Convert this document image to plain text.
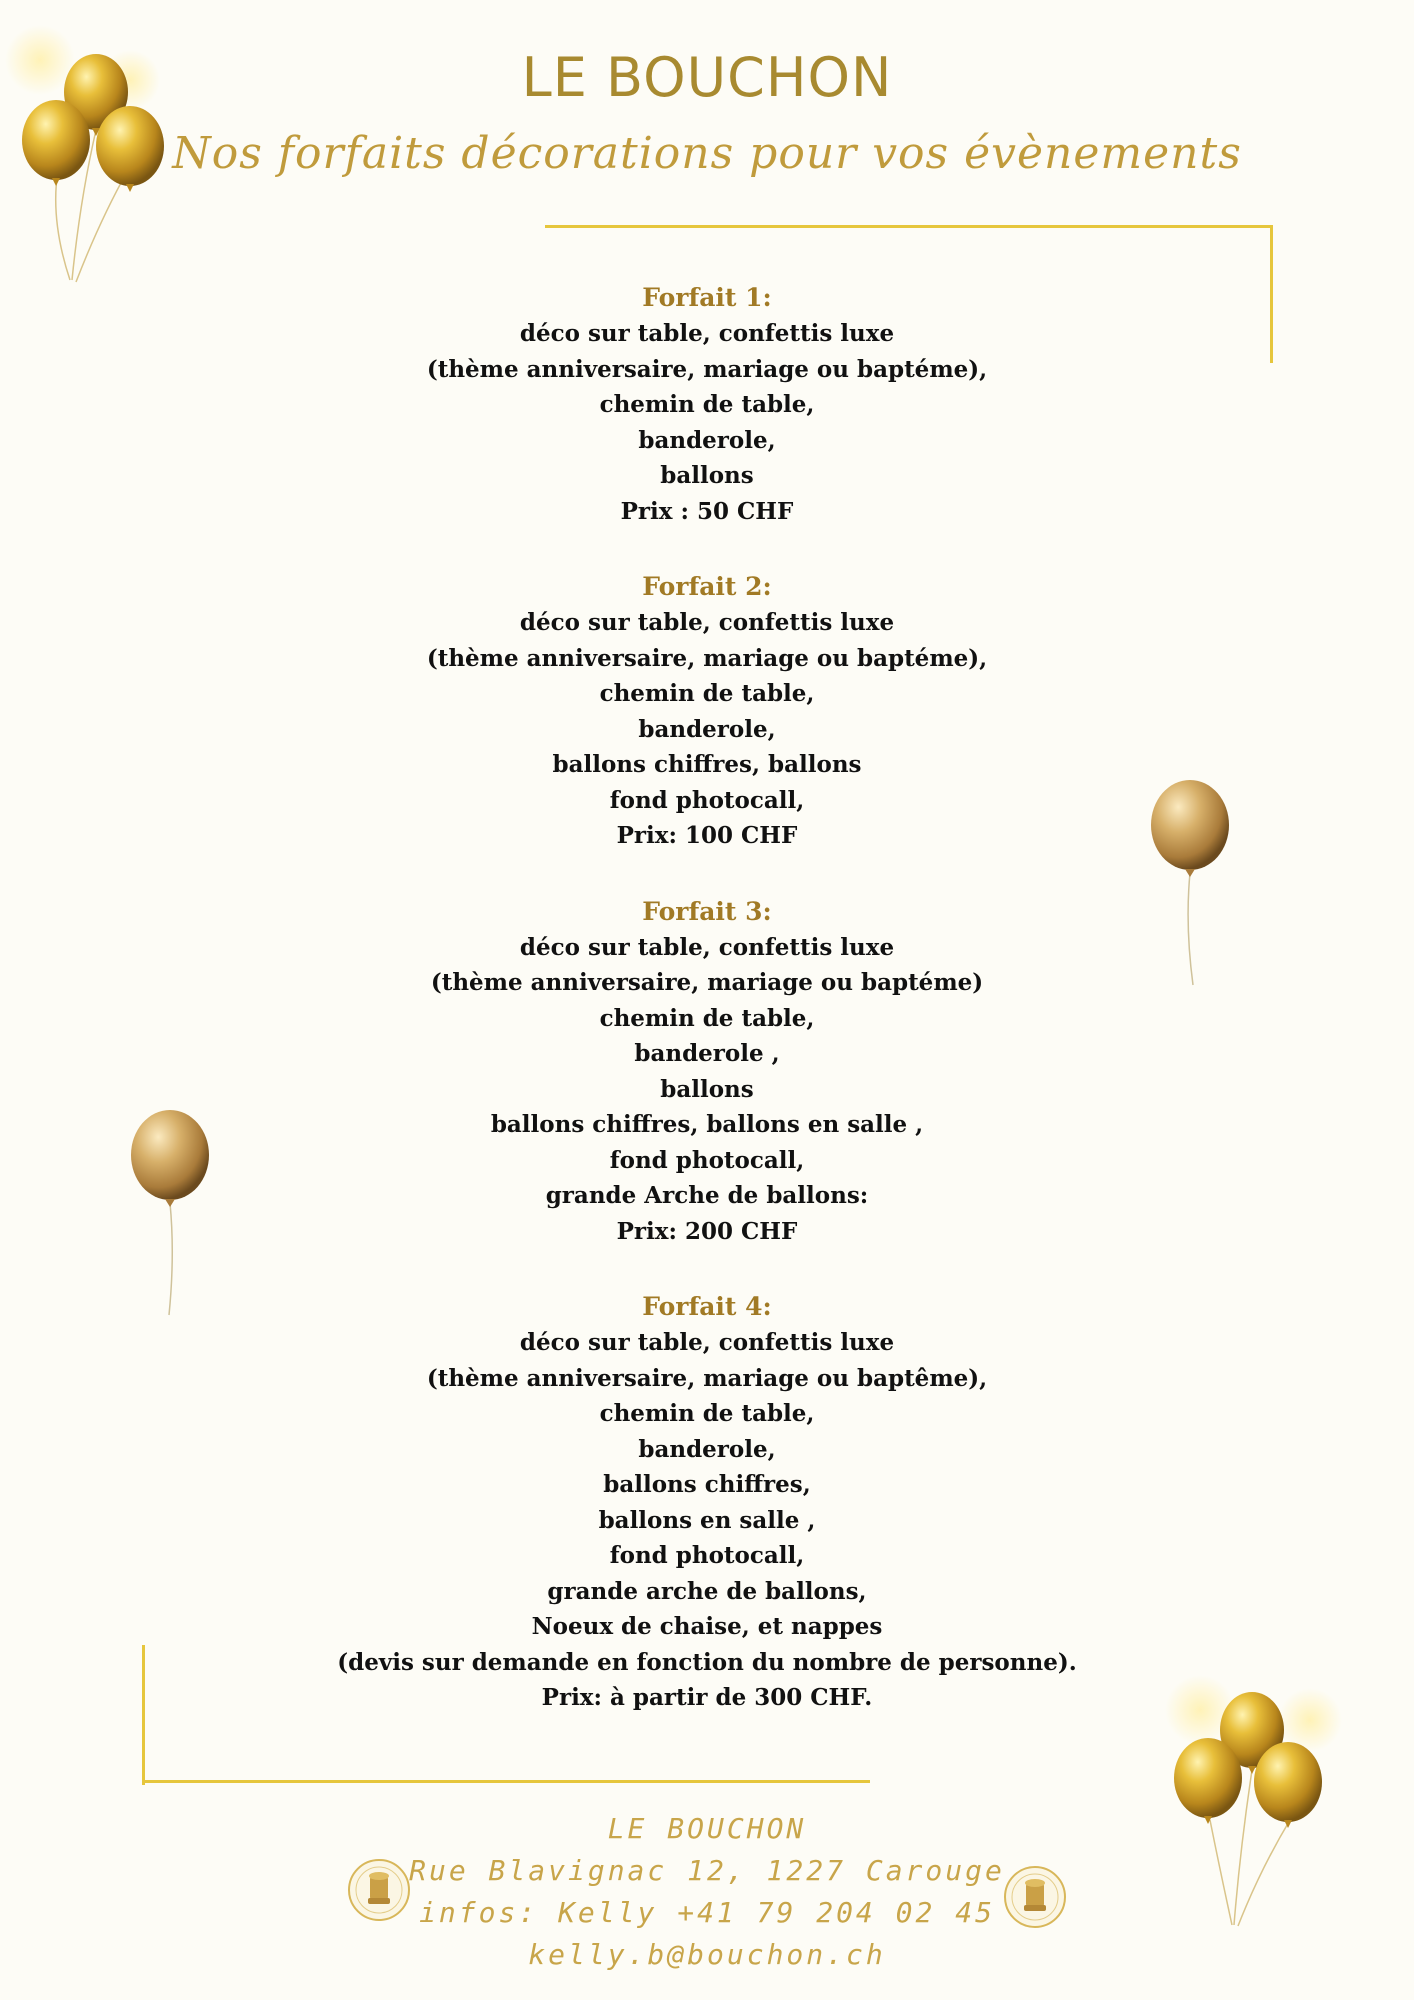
LE BOUCHON
Nos forfaits décorations pour vos évènements
Forfait 1:
déco sur table, confettis luxe
(thème anniversaire, mariage ou baptéme),
chemin de table,
banderole,
ballons
Prix : 50 CHF
Forfait 2:
déco sur table, confettis luxe
(thème anniversaire, mariage ou baptéme),
chemin de table,
banderole,
ballons chiffres, ballons
fond photocall,
Prix: 100 CHF
Forfait 3:
déco sur table, confettis luxe
(thème anniversaire, mariage ou baptéme)
chemin de table,
banderole ,
ballons
ballons chiffres, ballons en salle ,
fond photocall,
grande Arche de ballons:
Prix: 200 CHF
Forfait 4:
déco sur table, confettis luxe
(thème anniversaire, mariage ou baptême),
chemin de table,
banderole,
ballons chiffres,
ballons en salle ,
fond photocall,
grande arche de ballons,
Noeux de chaise, et nappes
(devis sur demande en fonction du nombre de personne).
Prix: à partir de 300 CHF.
LE BOUCHON
Rue Blavignac 12, 1227 Carouge
infos: Kelly +41 79 204 02 45
kelly.b@bouchon.ch
